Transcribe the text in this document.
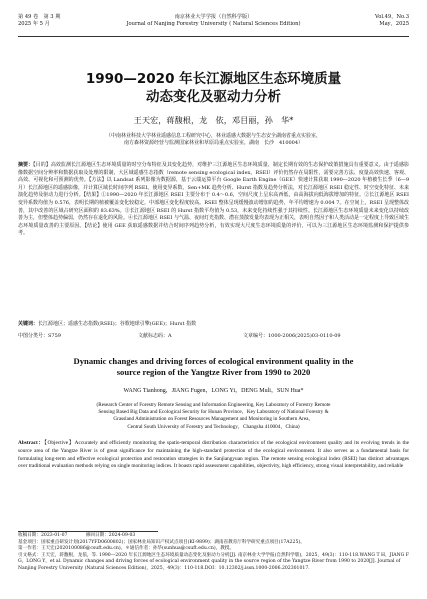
第 49 卷　第 3 期
2025 年 5 月
南京林业大学学报（自然科学版）
Journal of Nanjing Forestry University ( Natural Sciences Edition)
Vol.49，No.3
May，2025
1990—2020 年长江源地区生态环境质量
动态变化及驱动力分析
王天宏，蒋馥根，龙　依，邓目丽，孙　华*
（中南林业科技大学林业遥感信息工程研究中心，林业遥感大数据与生态安全湖南省重点实验室，
南方森林资源经营与监测国家林业和草原局重点实验室，湖南　长沙　410004）
摘要：【目的】高效监测长江源地区生态环境质量的时空分布特征及其变化趋势，对维护三江源地区生态环境质量、制定长期有效的生态保护政策措施具有重要意义。由于遥感影像数据空间分辨率和数据获取及处理的限制，大区域遥感生态指数（remote sensing ecological index，RSEI）评价仍然存在局限性，需要完善方法、度量高效快速、客观、高效、可视化和可预测的优势。【方法】以 Landsat 系列影像为数据源，基于云端运算平台 Google Earth Engine（GEE）快速计算获取 1990—2020 年植被生长季（6—9 月）长江源地区的遥感影像，并计算区域长时间序列 RSEI。使用变异系数、Sen+MK 趋势分析、Hurst 指数及趋势分析法，对长江源地区 RSEI 稳定性、时空变化特征、未来演化趋势及驱动力进行分析。【结果】①1990—2020 年长江源地区 RSEI 主要分布于 0.4～0.6，空间尺度上呈东高西低，由高海拔向低海拔增加的特征。②长江源地区 RSEI 变异系数均值为 0.576，表明长期的植被覆盖变化较稳定，中部地区变化程度较高。RSEI 整体呈现缓慢波动增加的趋势，年平均增速为 0.004 7。在空间上，RSEI 呈现整体改善，其中改善的区域占研究区面积的 83.63%。③长江源地区 RSEI 的 Hurst 指数平均值为 0.53，未来变化持续性强于其持续性。长江源地区生态环境质量未来变化以持续改善为主，但整体趋势偏弱，仍然存在退化的风险。④长江源地区 RSEI 与气温、夜间灯光指数、潜在蒸散发量均表现为正相关，表明自然因子和人类活动是一定程度上导致区域生态环境质量改善的主要原因。【结论】使用 GEE 获取遥感数据并结合时间序列趋势分析，有效实现大尺度生态环境质量的评价，可以为三江源地区生态环境监测和保护提供参考。
关键词：长江源地区；遥感生态指数(RSEI)；谷歌地球引擎(GEE)；Hurst 指数
中图分类号：S759	文献标志码：A	文章编号：1000-2006(2025)03-0110-09
Dynamic changes and driving forces of ecological environment quality in the
source region of the Yangtze River from 1990 to 2020
WANG Tianhong，JIANG Fugen，LONG Yi，DENG Muli，SUN Hua*
(Research Center of Forestry Remote Sensing and Information Engineering, Key Laboratory of Forestry Remote
Sensing Based Big Data and Ecological Security for Hunan Province，Key Laboratory of National Forestry &
Grassland Administration on Forest Resources Management and Monitoring in Southern Area，
Central South University of Forestry and Technology，Changsha 410004，China)
Abstract：【Objective】Accurately and efficiently monitoring the spatio-temporal distribution characteristics of the ecological environment quality and its evolving trends in the source area of the Yangtze River is of great significance for maintaining the high-standard protection of the ecological environment. It also serves as a fundamental basis for formulating long-term and effective ecological protection and restoration strategies in the Sanjiangyuan region. The remote sensing ecological index (RSEI) has distinct advantages over traditional evaluation methods relying on single monitoring indices. It boasts rapid assessment capabilities, objectivity, high efficiency, strong visual interpretability, and reliable

收稿日期：2023-01-07　　　　修回日期：2024-09-03

基金项目：国家重点研发计划(2017YFD0600802)；国家林业局知识产权试点项目(KI-9899)；湖南省教育厅科学研究重点项目(17A225)。

第一作者：王天宏(2020100086@csuft.edu.cn)。＊通信作者：孙华(sunhua@csuft.edu.cn)，教授。

引文格式：王天宏，蒋馥根，龙依，等. 1990—2020 年长江源地区生态环境质量动态变化及驱动力分析[J]. 南京林业大学学报(自然科学版)，2025，49(3)：110-118.WANG T H，JIANG F G，LONG Y，et al. Dynamic changes and driving forces of ecological environment quality in the source region of the Yangtze River from 1990 to 2020[J]. Journal of Nanjing Forestry University (Natural Sciences Edition)，2025，49(3)：110-118.DOI：10.12302/j.issn.1000-2006.202301017.
